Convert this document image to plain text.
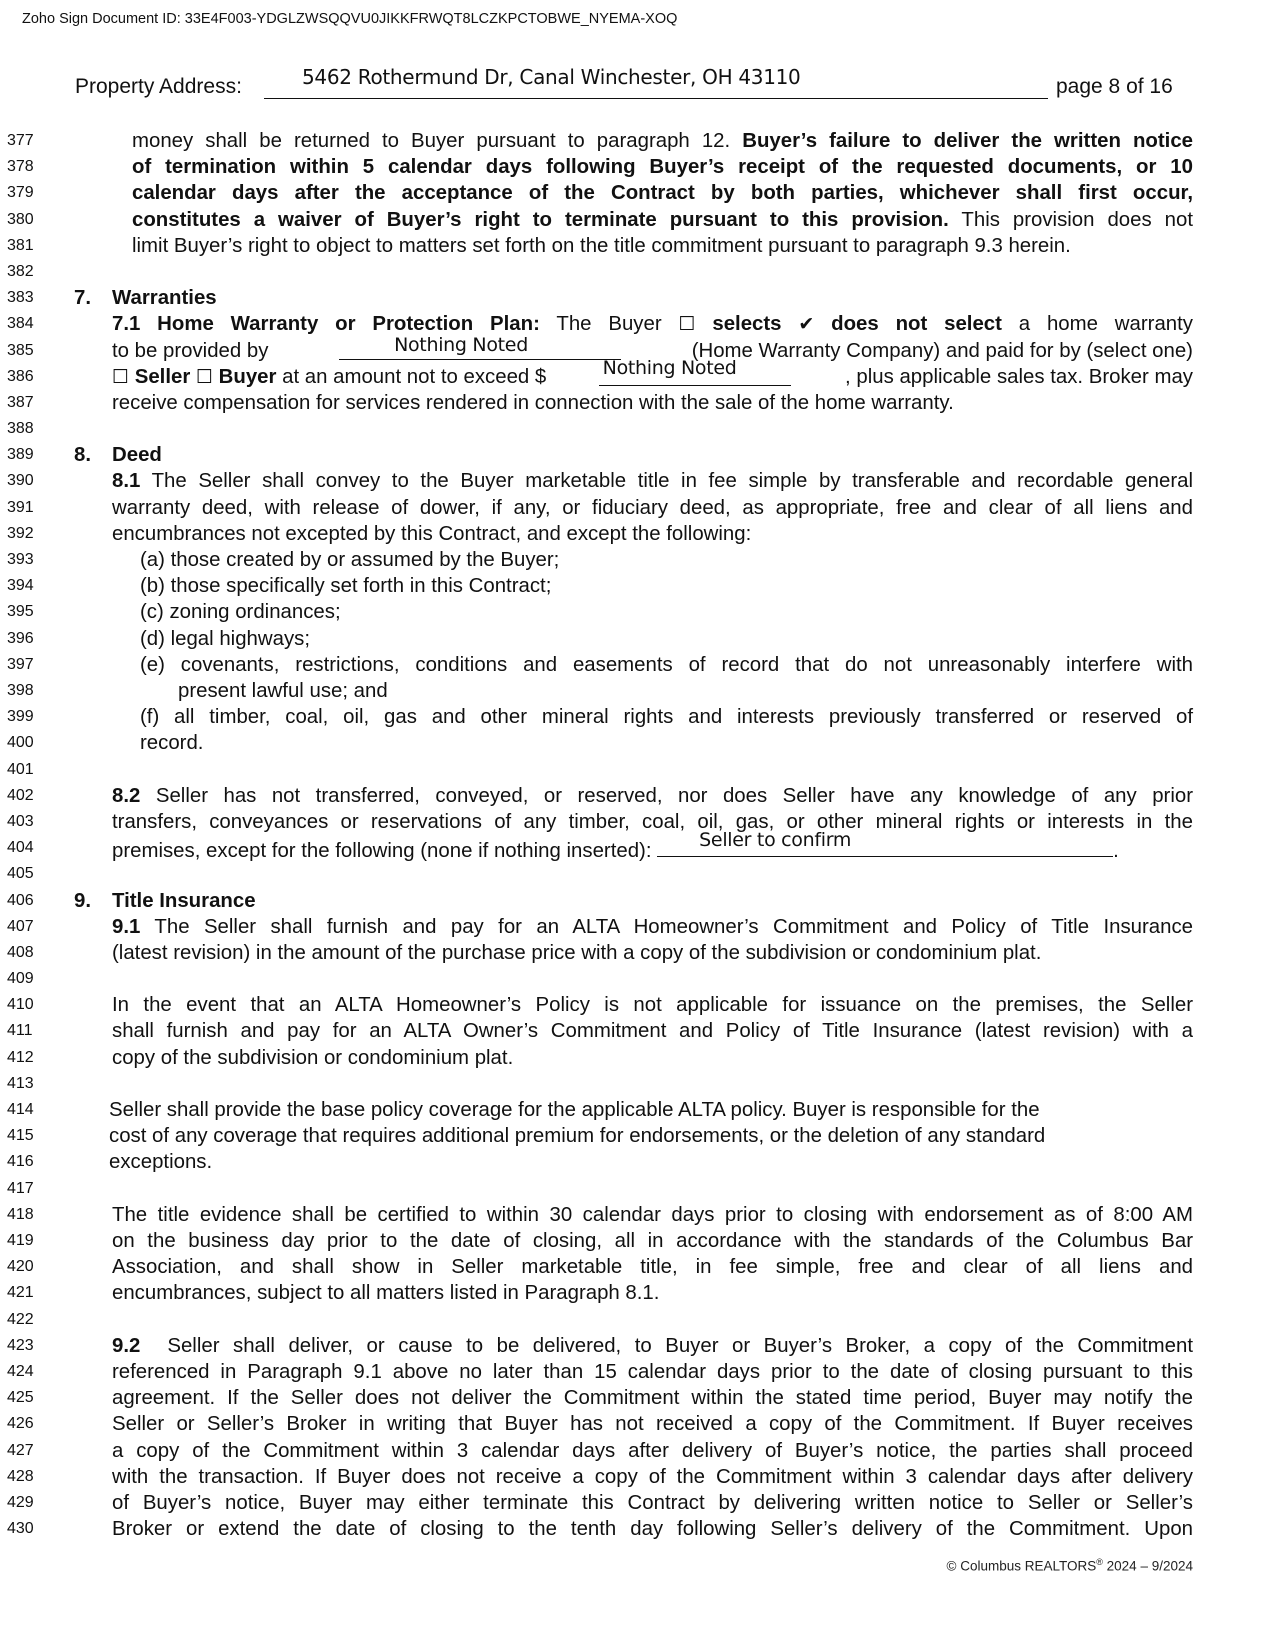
Zoho Sign Document ID: 33E4F003-YDGLZWSQQVU0JIKKFRWQT8LCZKPCTOBWE_NYEMA-XOQ
Property Address:	5462 Rothermund Dr, Canal Winchester, OH 43110	page 8 of 16
377
378
379
380
381
382
383
384
385
386
387
388
389
390
391
392
393
394
395
396
397
398
399
400
401
402
403
404
405
406
407
408
409
410
411
412
413
414
415
416
417
418
419
420
421
422
423
424
425
426
427
428
429
430
money shall be returned to Buyer pursuant to paragraph 12. Buyer’s failure to deliver the written notice
of termination within 5 calendar days following Buyer’s receipt of the requested documents, or 10
calendar days after the acceptance of the Contract by both parties, whichever shall first occur,
constitutes a waiver of Buyer’s right to terminate pursuant to this provision. This provision does not
limit Buyer’s right to object to matters set forth on the title commitment pursuant to paragraph 9.3 herein.
7. Warranties
7.1 Home Warranty or Protection Plan: The Buyer ☐ selects ✔ does not select a home warranty
to be provided by	Nothing Noted	(Home Warranty Company) and paid for by (select one)
☐ Seller ☐ Buyer at an amount not to exceed $	Nothing Noted	, plus applicable sales tax. Broker may
receive compensation for services rendered in connection with the sale of the home warranty.
8. Deed
8.1 The Seller shall convey to the Buyer marketable title in fee simple by transferable and recordable general
warranty deed, with release of dower, if any, or fiduciary deed, as appropriate, free and clear of all liens and
encumbrances not excepted by this Contract, and except the following:
(a) those created by or assumed by the Buyer;
(b) those specifically set forth in this Contract;
(c) zoning ordinances;
(d) legal highways;
(e) covenants, restrictions, conditions and easements of record that do not unreasonably interfere with
present lawful use; and
(f) all timber, coal, oil, gas and other mineral rights and interests previously transferred or reserved of
record.
8.2 Seller has not transferred, conveyed, or reserved, nor does Seller have any knowledge of any prior
transfers, conveyances or reservations of any timber, coal, oil, gas, or other mineral rights or interests in the
premises, except for the following (none if nothing inserted): Seller to confirm	.
9. Title Insurance
9.1 The Seller shall furnish and pay for an ALTA Homeowner’s Commitment and Policy of Title Insurance
(latest revision) in the amount of the purchase price with a copy of the subdivision or condominium plat.
In the event that an ALTA Homeowner’s Policy is not applicable for issuance on the premises, the Seller
shall furnish and pay for an ALTA Owner’s Commitment and Policy of Title Insurance (latest revision) with a
copy of the subdivision or condominium plat.
Seller shall provide the base policy coverage for the applicable ALTA policy. Buyer is responsible for the
cost of any coverage that requires additional premium for endorsements, or the deletion of any standard
exceptions.
The title evidence shall be certified to within 30 calendar days prior to closing with endorsement as of 8:00 AM
on the business day prior to the date of closing, all in accordance with the standards of the Columbus Bar
Association, and shall show in Seller marketable title, in fee simple, free and clear of all liens and
encumbrances, subject to all matters listed in Paragraph 8.1.
9.2  Seller shall deliver, or cause to be delivered, to Buyer or Buyer’s Broker, a copy of the Commitment
referenced in Paragraph 9.1 above no later than 15 calendar days prior to the date of closing pursuant to this
agreement. If the Seller does not deliver the Commitment within the stated time period, Buyer may notify the
Seller or Seller’s Broker in writing that Buyer has not received a copy of the Commitment. If Buyer receives
a copy of the Commitment within 3 calendar days after delivery of Buyer’s notice, the parties shall proceed
with the transaction. If Buyer does not receive a copy of the Commitment within 3 calendar days after delivery
of Buyer’s notice, Buyer may either terminate this Contract by delivering written notice to Seller or Seller’s
Broker or extend the date of closing to the tenth day following Seller’s delivery of the Commitment. Upon
© Columbus REALTORS® 2024 – 9/2024
